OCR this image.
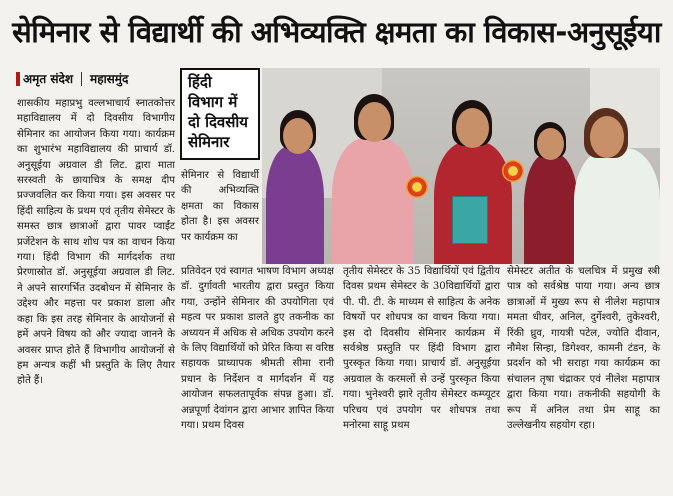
सेमिनार से विद्यार्थी की अभिव्यक्ति क्षमता का विकास-अनुसूईया
अमृत संदेश महासमुंद

शासकीय महाप्रभु वल्लभाचार्य स्नातकोत्तर महाविद्यालय में दो दिवसीय विभागीय सेमिनार का आयोजन किया गया। कार्यक्रम का शुभारंभ महाविद्यालय की प्राचार्य डॉ. अनुसूईया अग्रवाल डी लिट. द्वारा माता सरस्वती के छायाचित्र के समक्ष दीप प्रज्जवलित कर किया गया। इस अवसर पर हिंदी साहित्य के प्रथम एवं तृतीय सेमेस्टर के समस्त छात्र छात्राओं द्वारा पावर प्वाईंट प्रजेंटेशन के साथ शोध पत्र का वाचन किया गया। हिंदी विभाग की मार्गदर्शक तथा प्रेरणास्रोत डॉ. अनुसूईया अग्रवाल डी लिट. ने अपने सारगर्भित उदबोधन में सेमिनार के उद्देश्य और महत्ता पर प्रकाश डाला और कहा कि इस तरह सेमिनार के आयोजनों से हमें अपने विषय को और ज्यादा जानने के अवसर प्राप्त होते हैं विभागीय आयोजनों से हम अन्यत्र कहीं भी प्रस्तुति के लिए तैयार होते हैं।

हिंदी विभाग में दो दिवसीय सेमिनार

सेमिनार से विद्यार्थी की अभिव्यक्ति क्षमता का विकास होता है। इस अवसर पर कार्यक्रम का

प्रतिवेदन एवं स्वागत भाषण विभाग अध्यक्ष डॉ. दुर्गावती भारतीय द्वारा प्रस्तुत किया गया, उन्होंने सेमिनार की उपयोगिता एवं महत्व पर प्रकाश डालते हुए तकनीक का अध्ययन में अधिक से अधिक उपयोग करने के लिए विद्यार्थियों को प्रेरित किया स वरिष्ठ सहायक प्राध्यापक श्रीमती सीमा रानी प्रधान के निर्देशन व मार्गदर्शन में यह आयोजन सफलतापूर्वक संपन्न हुआ। डॉ. अन्नपूर्णा देवांगन द्वारा आभार ज्ञापित किया गया। प्रथम दिवस

तृतीय सेमेस्टर के 35 विद्यार्थियों एवं द्वितीय दिवस प्रथम सेमेस्टर के 30विद्यार्थियों द्वारा पी. पी. टी. के माध्यम से साहित्य के अनेक विषयों पर शोधपत्र का वाचन किया गया। इस दो दिवसीय सेमिनार कार्यक्रम में सर्वश्रेष्ठ प्रस्तुति पर हिंदी विभाग द्वारा पुरस्कृत किया गया। प्राचार्य डॉ. अनुसूईया अग्रवाल के करमलों से उन्हें पुरस्कृत किया गया। भुनेश्वरी झारे तृतीय सेमेस्टर कम्प्यूटर परिचय एवं उपयोग पर शोधपत्र तथा मनोरमा साहू प्रथम

सेमेस्टर अतीत के चलचित्र में प्रमुख स्त्री पात्र को सर्वश्रेष्ठ पाया गया। अन्य छात्र छात्राओं में मुख्य रूप से नीलेश महापात्र ममता धीवर, अनिल, दुर्गेश्वरी, तुकेश्वरी, रिंकी ध्रुव, गायत्री पटेल, ज्योति दीवान, नौमेश सिन्हा, डिगेश्वर, कामनी टंडन, के प्रदर्शन को भी सराहा गया कार्यक्रम का संचालन तृषा चंद्राकर एवं नीलेश महापात्र द्वारा किया गया। तकनीकी सहयोगी के रूप में अनिल तथा प्रेम साहू का उल्लेखनीय सहयोग रहा।
